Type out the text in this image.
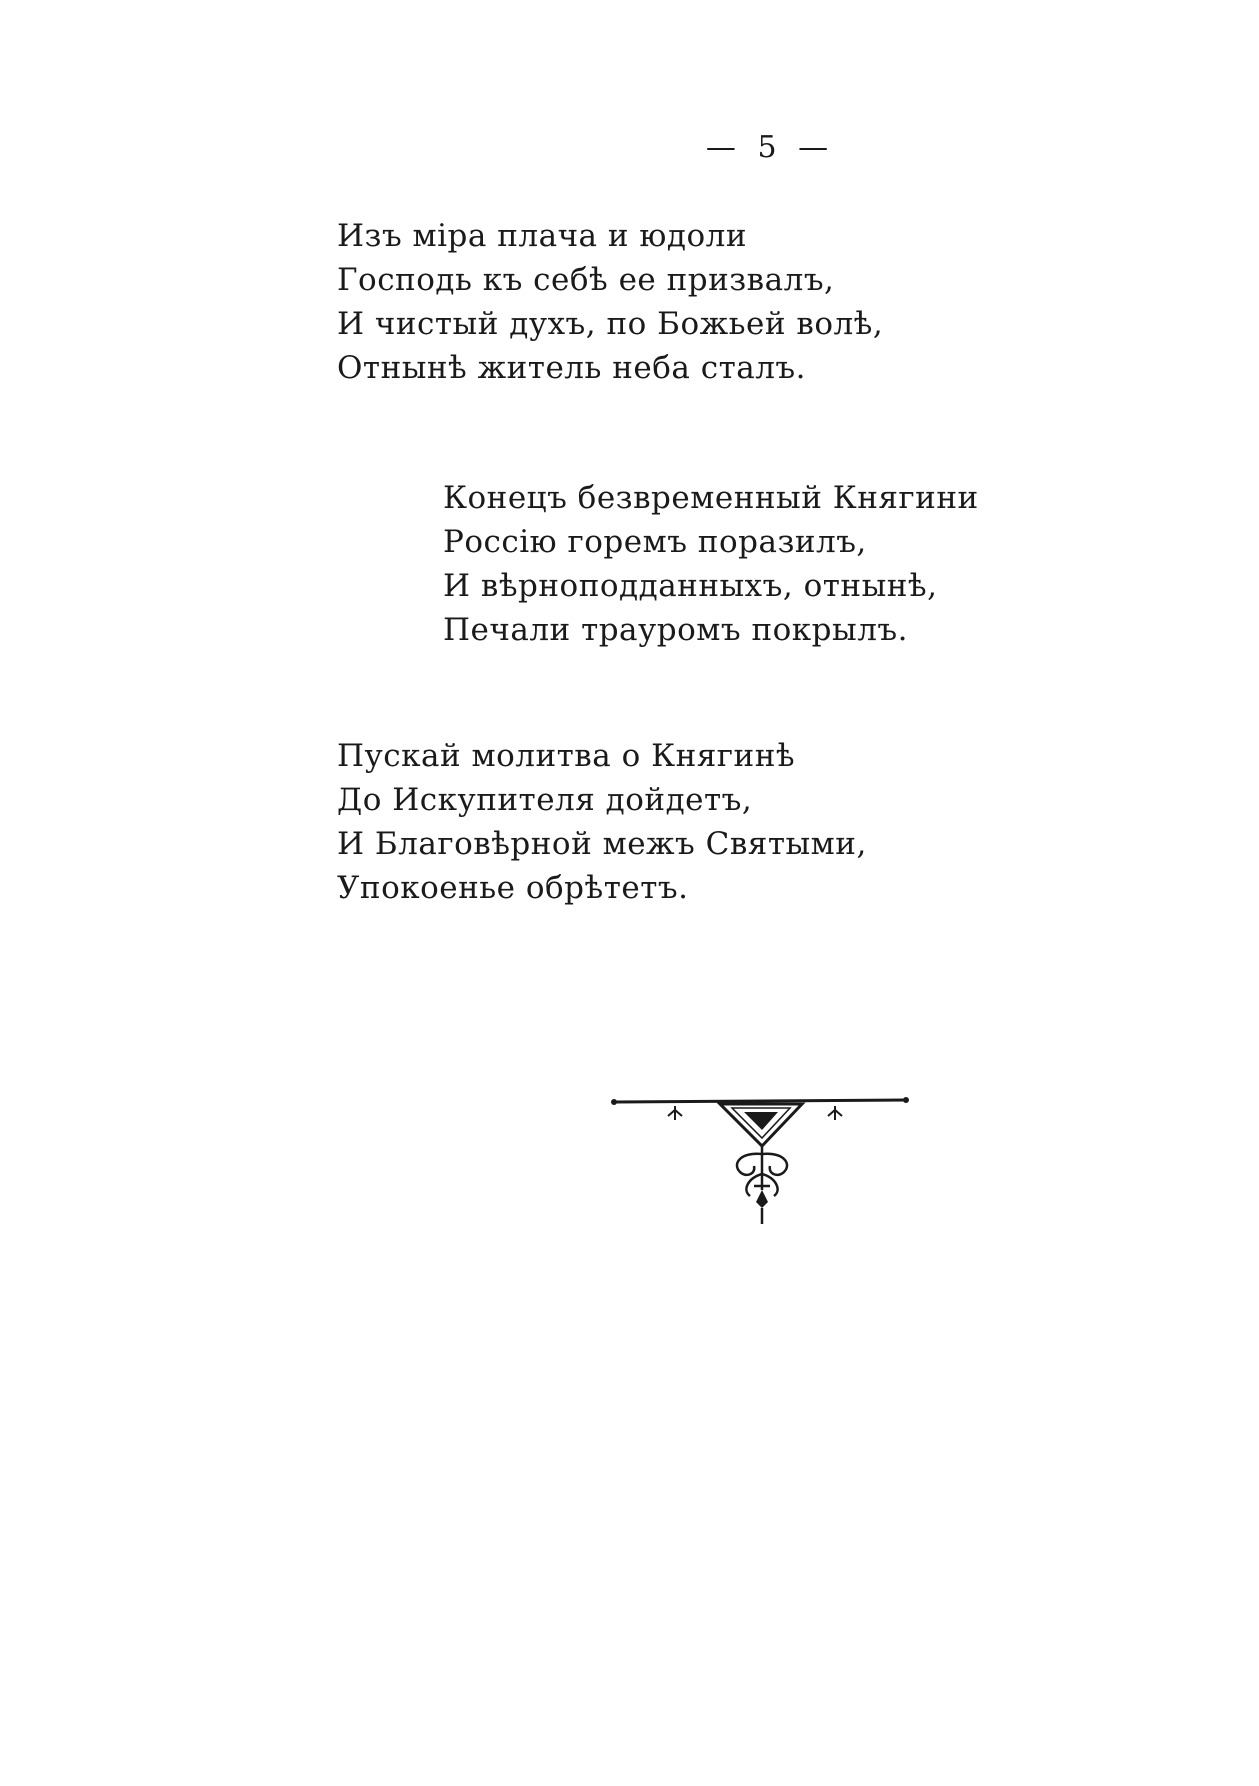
— 5 —
Изъ міра плача и юдоли
Господь къ себѣ ее призвалъ,
И чистый духъ, по Божьей волѣ,
Отнынѣ житель неба сталъ.
Конецъ безвременный Княгини
Россію горемъ поразилъ,
И вѣрноподданныхъ, отнынѣ,
Печали трауромъ покрылъ.
Пускай молитва о Княгинѣ
До Искупителя дойдетъ,
И Благовѣрной межъ Святыми,
Упокоенье обрѣтетъ.
